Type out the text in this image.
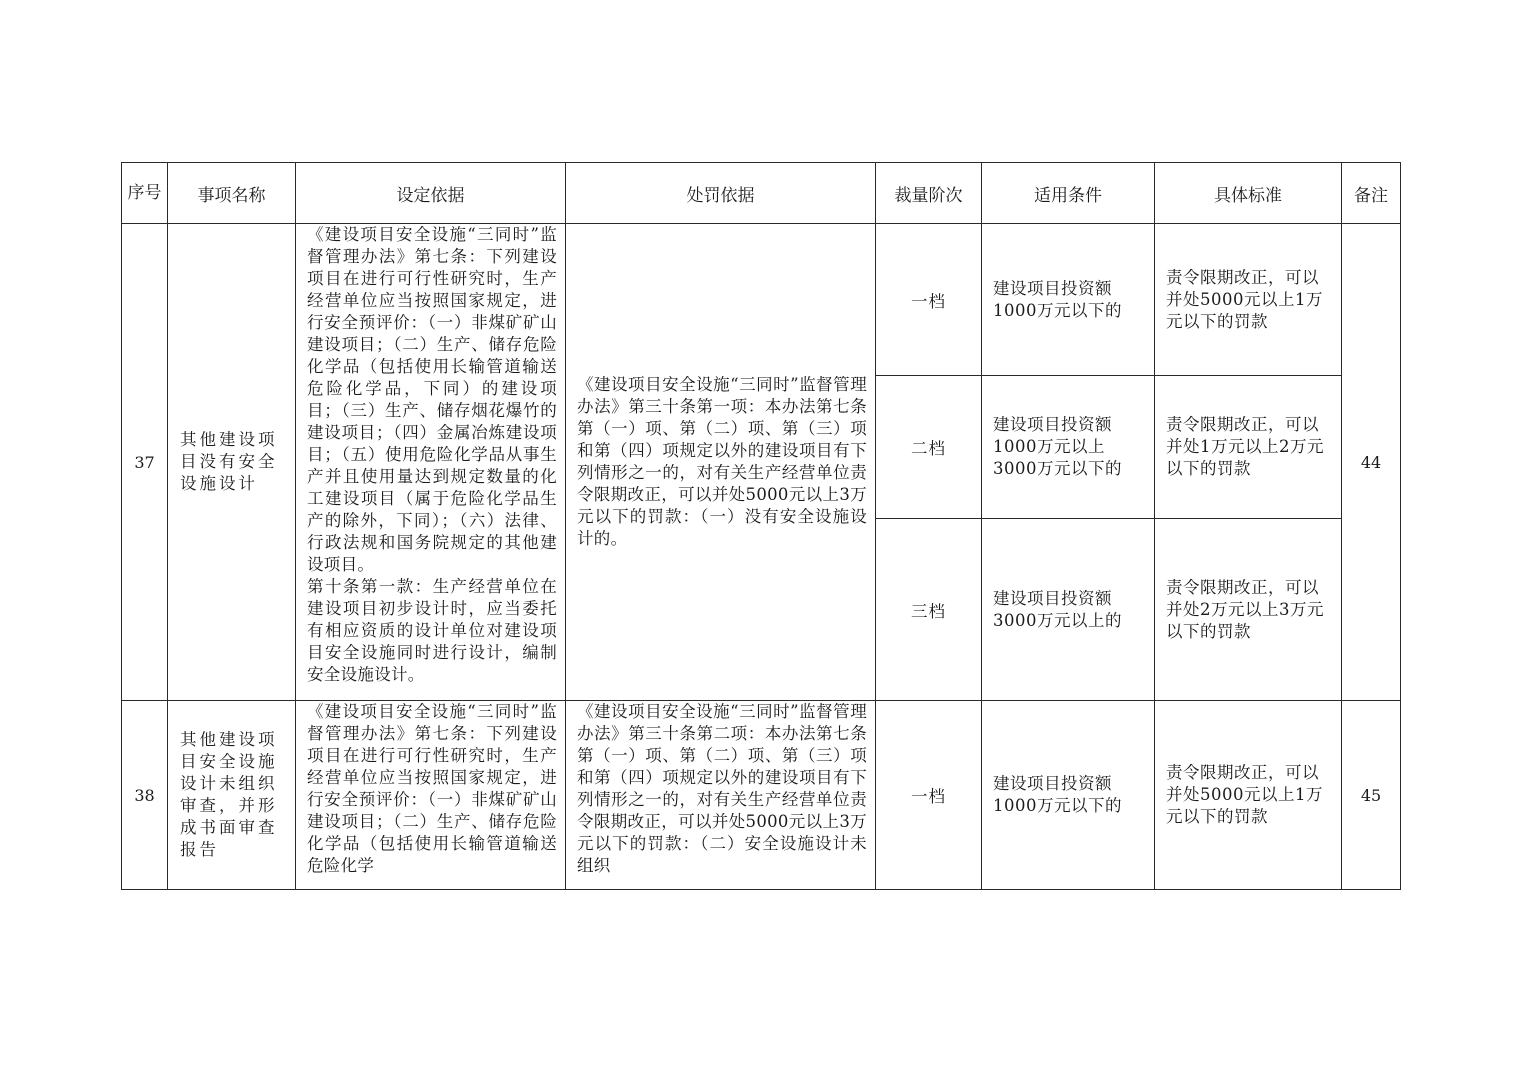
序号	事项名称	设定依据	处罚依据	裁量阶次	适用条件	具体标准	备注
37	其他建设项目没有安全设施设计	《建设项目安全设施“三同时”监督管理办法》第七条：下列建设项目在进行可行性研究时，生产经营单位应当按照国家规定，进行安全预评价：（一）非煤矿矿山建设项目；（二）生产、储存危险化学品（包括使用长输管道输送危险化学品，下同）的建设项目；（三）生产、储存烟花爆竹的建设项目；（四）金属冶炼建设项目；（五）使用危险化学品从事生产并且使用量达到规定数量的化工建设项目（属于危险化学品生产的除外，下同）；（六）法律、行政法规和国务院规定的其他建设项目。
第十条第一款：生产经营单位在建设项目初步设计时，应当委托有相应资质的设计单位对建设项目安全设施同时进行设计，编制安全设施设计。	《建设项目安全设施“三同时”监督管理办法》第三十条第一项：本办法第七条第（一）项、第（二）项、第（三）项和第（四）项规定以外的建设项目有下列情形之一的，对有关生产经营单位责令限期改正，可以并处5000元以上3万元以下的罚款：（一）没有安全设施设计的。	一档	建设项目投资额1000万元以下的	责令限期改正，可以并处5000元以上1万元以下的罚款	44
				二档	建设项目投资额1000万元以上3000万元以下的	责令限期改正，可以并处1万元以上2万元以下的罚款	
				三档	建设项目投资额3000万元以上的	责令限期改正，可以并处2万元以上3万元以下的罚款	
38	其他建设项目安全设施设计未组织审查，并形成书面审查报告	《建设项目安全设施“三同时”监督管理办法》第七条：下列建设项目在进行可行性研究时，生产经营单位应当按照国家规定，进行安全预评价：（一）非煤矿矿山建设项目；（二）生产、储存危险化学品（包括使用长输管道输送危险化学	《建设项目安全设施“三同时”监督管理办法》第三十条第二项：本办法第七条第（一）项、第（二）项、第（三）项和第（四）项规定以外的建设项目有下列情形之一的，对有关生产经营单位责令限期改正，可以并处5000元以上3万元以下的罚款：（二）安全设施设计未组织	一档	建设项目投资额1000万元以下的	责令限期改正，可以并处5000元以上1万元以下的罚款	45
